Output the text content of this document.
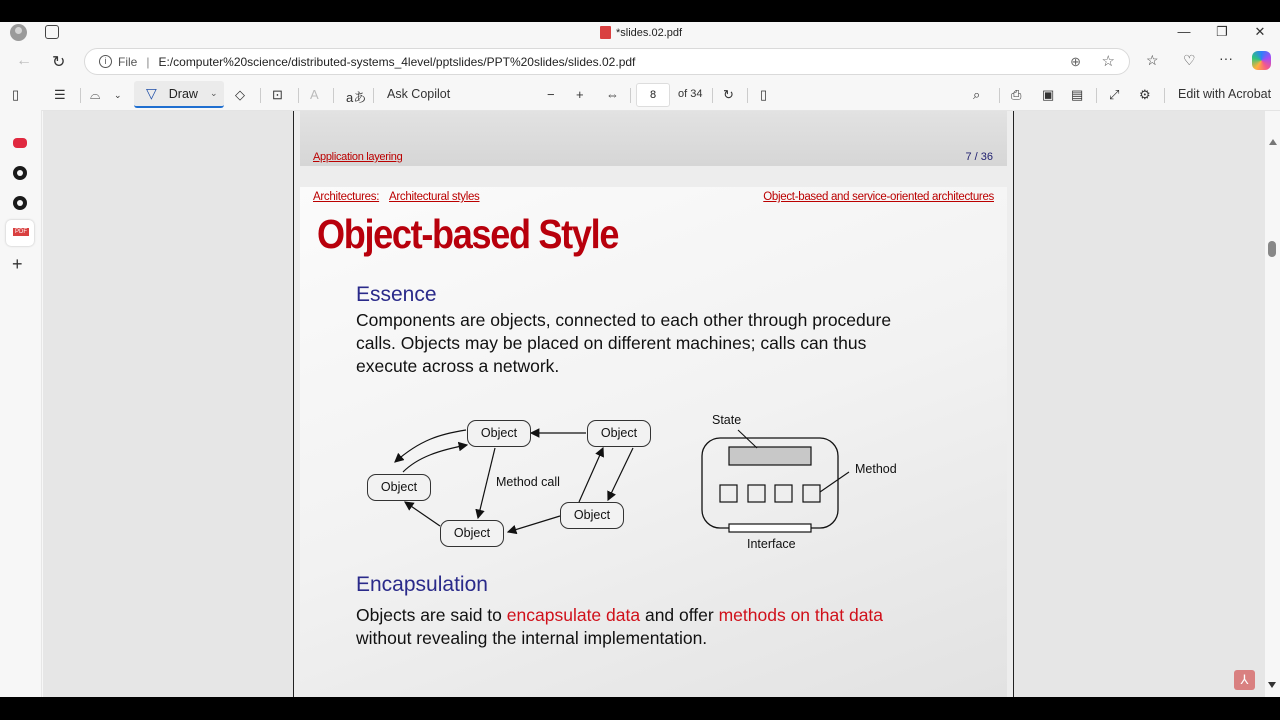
*slides.02.pdf	—	❐	✕
← ↻	i File | E:/computer%20science/distributed-systems_4level/pptslides/PPT%20slides/slides.02.pdf	⊕ ☆ ☆ ♡ ···
▯	☰ ⌓ ⌄ ▽ Draw ⌄ ◇ ⊡ A aあ Ask Copilot	− + ⇔	8	of 34 ↻ ▯	⌕ ⎙ ▣ ▤ ⤢ ⚙ Edit with Acrobat
PDF
+
Application layering	7 / 36
Architectures: Architectural styles	Object-based and service-oriented architectures
Object-based Style
Essence
Components are objects, connected to each other through procedure
calls. Objects may be placed on different machines; calls can thus
execute across a network.
Object	Object
Object
Object
Object
Method call
State
Method
Interface
Encapsulation
Objects are said to encapsulate data and offer methods on that data
without revealing the internal implementation.
⅄
